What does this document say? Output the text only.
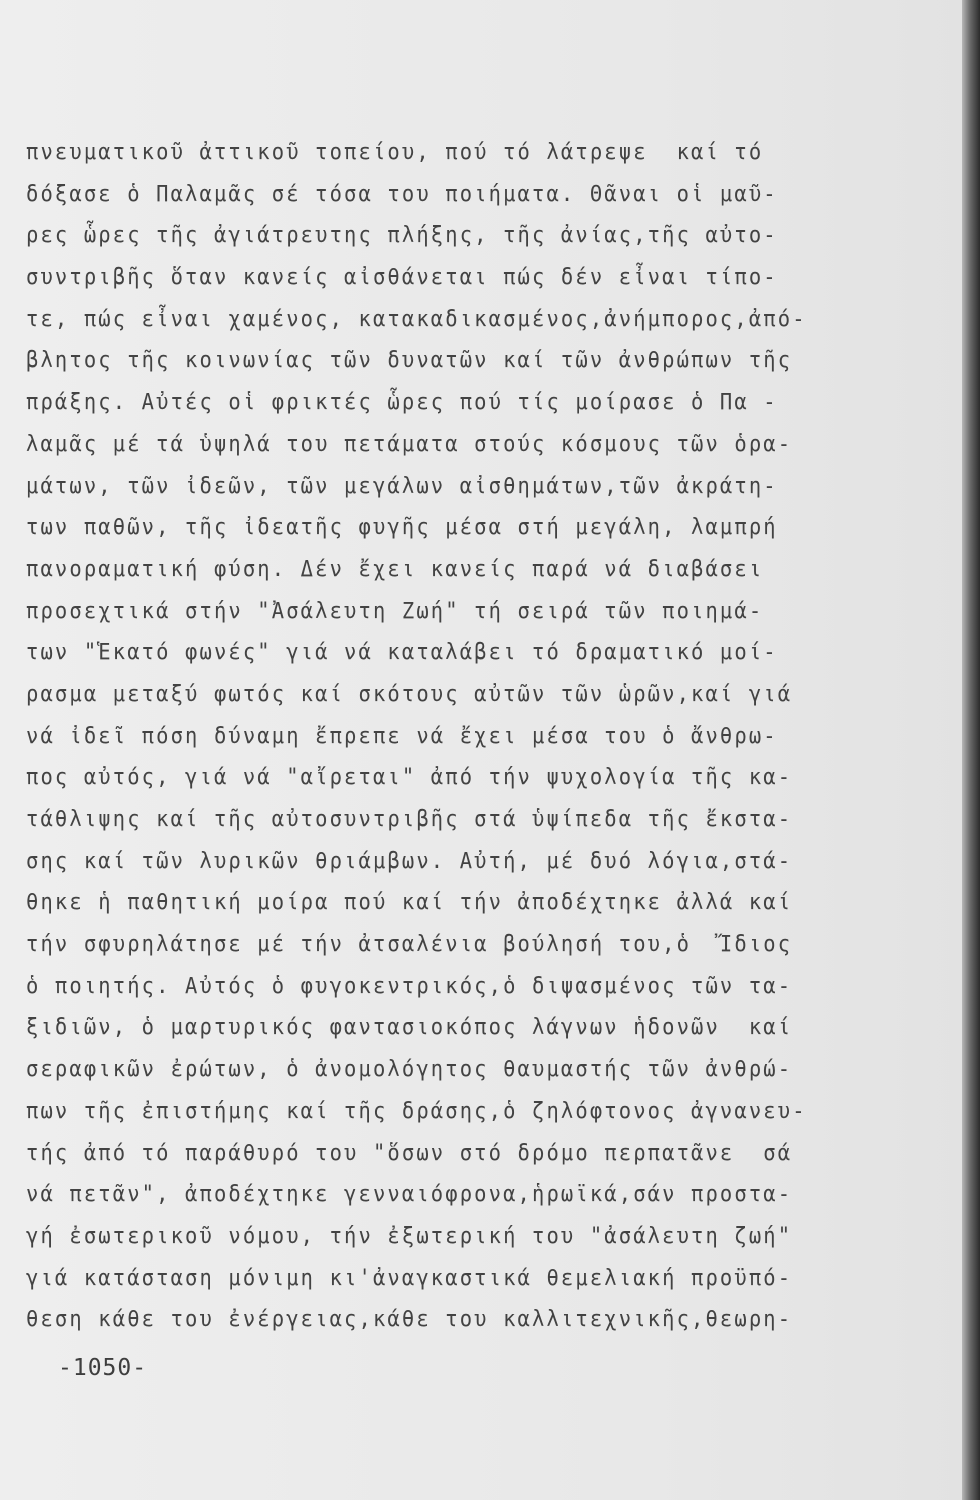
πνευματικοῦ ἀττικοῦ τοπείου, πού τό λάτρεψε  καί τό
δόξασε ὁ Παλαμᾶς σέ τόσα του ποιήματα. Θᾶναι οἱ μαῦ-
ρες ὧρες τῆς ἀγιάτρευτης πλήξης, τῆς ἀνίας,τῆς αὐτο-
συντριβῆς ὅταν κανείς αἰσθάνεται πώς δέν εἶναι τίπο-
τε, πώς εἶναι χαμένος, κατακαδικασμένος,ἀνήμπορος,ἀπό-
βλητος τῆς κοινωνίας τῶν δυνατῶν καί τῶν ἀνθρώπων τῆς
πράξης. Αὐτές οἱ φρικτές ὧρες πού τίς μοίρασε ὁ Πα -
λαμᾶς μέ τά ὑψηλά του πετάματα στούς κόσμους τῶν ὁρα-
μάτων, τῶν ἰδεῶν, τῶν μεγάλων αἰσθημάτων,τῶν ἀκράτη-
των παθῶν, τῆς ἰδεατῆς φυγῆς μέσα στή μεγάλη, λαμπρή
πανοραματική φύση. Δέν ἔχει κανείς παρά νά διαβάσει
προσεχτικά στήν "Ἀσάλευτη Ζωή" τή σειρά τῶν ποιημά-
των "Ἑκατό φωνές" γιά νά καταλάβει τό δραματικό μοί-
ρασμα μεταξύ φωτός καί σκότους αὐτῶν τῶν ὡρῶν,καί γιά
νά ἰδεῖ πόση δύναμη ἔπρεπε νά ἔχει μέσα του ὁ ἄνθρω-
πος αὐτός, γιά νά "αἴρεται" ἀπό τήν ψυχολογία τῆς κα-
τάθλιψης καί τῆς αὐτοσυντριβῆς στά ὑψίπεδα τῆς ἔκστα-
σης καί τῶν λυρικῶν θριάμβων. Αὐτή, μέ δυό λόγια,στά-
θηκε ἡ παθητική μοίρα πού καί τήν ἀποδέχτηκε ἀλλά καί
τήν σφυρηλάτησε μέ τήν ἀτσαλένια βούλησή του,ὁ  Ἴδιος
ὁ ποιητής. Αὐτός ὁ φυγοκεντρικός,ὁ διψασμένος τῶν τα-
ξιδιῶν, ὁ μαρτυρικός φαντασιοκόπος λάγνων ἡδονῶν  καί
σεραφικῶν ἐρώτων, ὁ ἀνομολόγητος θαυμαστής τῶν ἀνθρώ-
πων τῆς ἐπιστήμης καί τῆς δράσης,ὁ ζηλόφτονος ἀγνανευ-
τής ἀπό τό παράθυρό του "ὅσων στό δρόμο περπατᾶνε  σά
νά πετᾶν", ἀποδέχτηκε γενναιόφρονα,ἡρωϊκά,σάν προστα-
γή ἐσωτερικοῦ νόμου, τήν ἐξωτερική του "ἀσάλευτη ζωή"
γιά κατάσταση μόνιμη κι'ἀναγκαστικά θεμελιακή προϋπό-
θεση κάθε του ἐνέργειας,κάθε του καλλιτεχνικῆς,θεωρη-
-1050-
